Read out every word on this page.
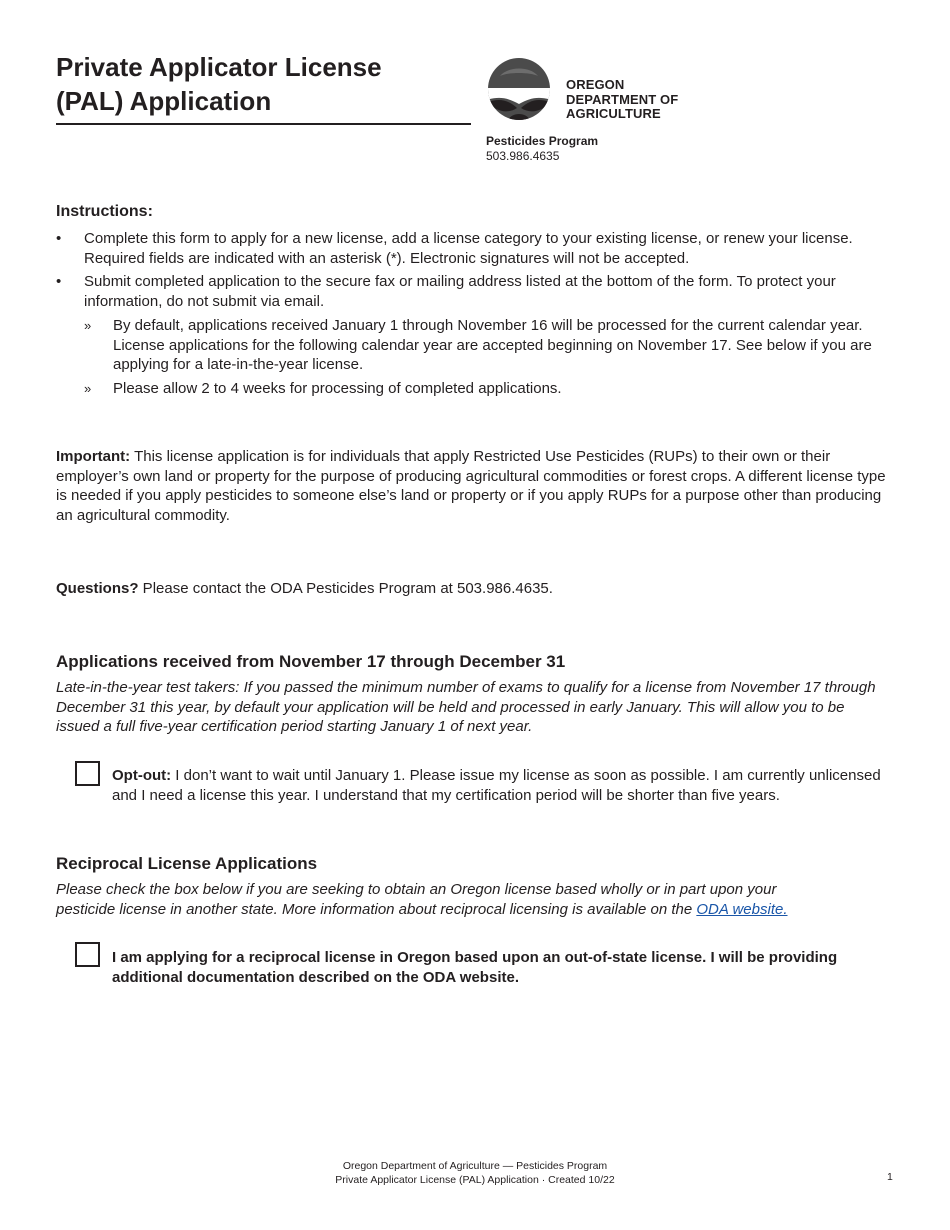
Private Applicator License
(PAL) Application
OREGON
DEPARTMENT OF
AGRICULTURE
Pesticides Program
503.986.4635
Instructions:
• Complete this form to apply for a new license, add a license category to your existing license, or renew your license. Required fields are indicated with an asterisk (*). Electronic signatures will not be accepted.
• Submit completed application to the secure fax or mailing address listed at the bottom of the form. To protect your information, do not submit via email.
» By default, applications received January 1 through November 16 will be processed for the current calendar year. License applications for the following calendar year are accepted beginning on November 17. See below if you are applying for a late-in-the-year license.
» Please allow 2 to 4 weeks for processing of completed applications.
Important: This license application is for individuals that apply Restricted Use Pesticides (RUPs) to their own or their employer’s own land or property for the purpose of producing agricultural commodities or forest crops. A different license type is needed if you apply pesticides to someone else’s land or property or if you apply RUPs for a purpose other than producing an agricultural commodity.
Questions? Please contact the ODA Pesticides Program at 503.986.4635.
Applications received from November 17 through December 31
Late-in-the-year test takers: If you passed the minimum number of exams to qualify for a license from November 17 through December 31 this year, by default your application will be held and processed in early January. This will allow you to be issued a full five-year certification period starting January 1 of next year.
Opt-out: I don’t want to wait until January 1. Please issue my license as soon as possible. I am currently unlicensed and I need a license this year. I understand that my certification period will be shorter than five years.
Reciprocal License Applications
Please check the box below if you are seeking to obtain an Oregon license based wholly or in part upon your pesticide license in another state. More information about reciprocal licensing is available on the ODA website.
I am applying for a reciprocal license in Oregon based upon an out-of-state license. I will be providing additional documentation described on the ODA website.
Oregon Department of Agriculture — Pesticides Program
Private Applicator License (PAL) Application · Created 10/22	1
